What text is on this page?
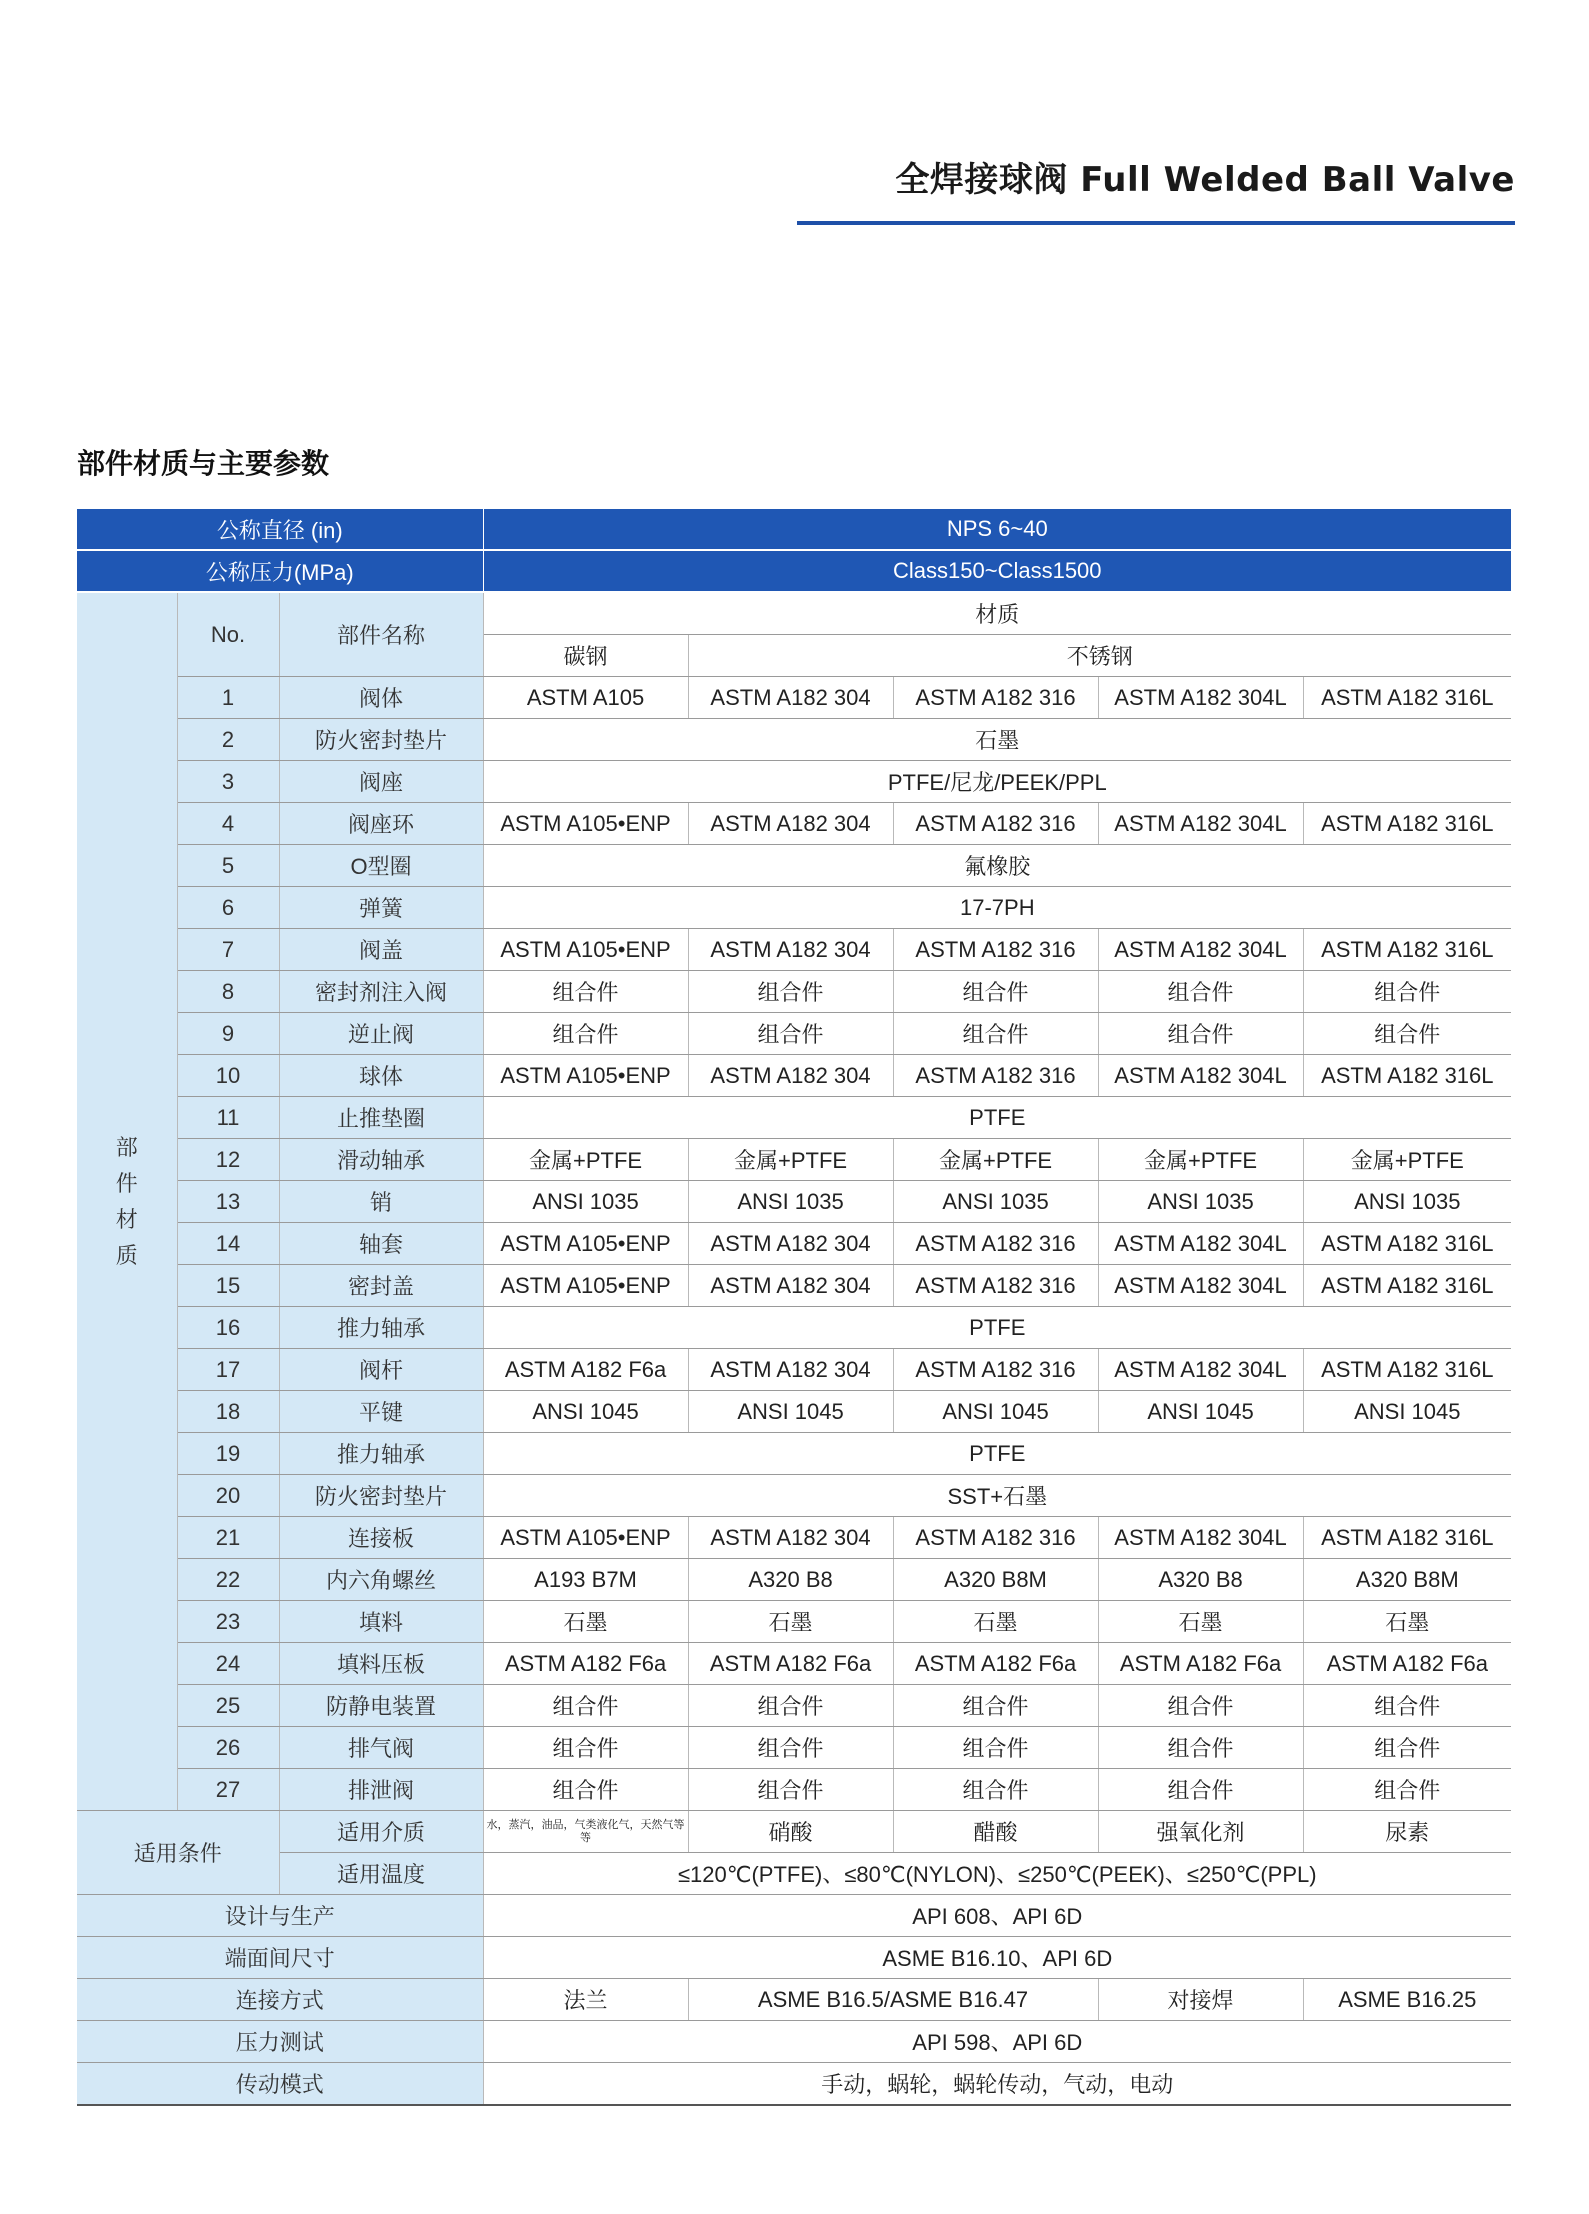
全焊接球阀 Full Welded Ball Valve
部件材质与主要参数
公称直径 (in)			NPS 6~40				
公称压力(MPa)			Class150~Class1500				
部
件
材
质	No.	部件名称	材质				
			碳钢	不锈钢			
	1	阀体	ASTM A105	ASTM A182 304	ASTM A182 316	ASTM A182 304L	ASTM A182 316L
	2	防火密封垫片	石墨				
	3	阀座	PTFE/尼龙/PEEK/PPL				
	4	阀座环	ASTM A105•ENP	ASTM A182 304	ASTM A182 316	ASTM A182 304L	ASTM A182 316L
	5	O型圈	氟橡胶				
	6	弹簧	17-7PH				
	7	阀盖	ASTM A105•ENP	ASTM A182 304	ASTM A182 316	ASTM A182 304L	ASTM A182 316L
	8	密封剂注入阀	组合件	组合件	组合件	组合件	组合件
	9	逆止阀	组合件	组合件	组合件	组合件	组合件
	10	球体	ASTM A105•ENP	ASTM A182 304	ASTM A182 316	ASTM A182 304L	ASTM A182 316L
	11	止推垫圈	PTFE				
	12	滑动轴承	金属+PTFE	金属+PTFE	金属+PTFE	金属+PTFE	金属+PTFE
	13	销	ANSI 1035	ANSI 1035	ANSI 1035	ANSI 1035	ANSI 1035
	14	轴套	ASTM A105•ENP	ASTM A182 304	ASTM A182 316	ASTM A182 304L	ASTM A182 316L
	15	密封盖	ASTM A105•ENP	ASTM A182 304	ASTM A182 316	ASTM A182 304L	ASTM A182 316L
	16	推力轴承	PTFE				
	17	阀杆	ASTM A182 F6a	ASTM A182 304	ASTM A182 316	ASTM A182 304L	ASTM A182 316L
	18	平键	ANSI 1045	ANSI 1045	ANSI 1045	ANSI 1045	ANSI 1045
	19	推力轴承	PTFE				
	20	防火密封垫片	SST+石墨				
	21	连接板	ASTM A105•ENP	ASTM A182 304	ASTM A182 316	ASTM A182 304L	ASTM A182 316L
	22	内六角螺丝	A193 B7M	A320 B8	A320 B8M	A320 B8	A320 B8M
	23	填料	石墨	石墨	石墨	石墨	石墨
	24	填料压板	ASTM A182 F6a	ASTM A182 F6a	ASTM A182 F6a	ASTM A182 F6a	ASTM A182 F6a
	25	防静电装置	组合件	组合件	组合件	组合件	组合件
	26	排气阀	组合件	组合件	组合件	组合件	组合件
	27	排泄阀	组合件	组合件	组合件	组合件	组合件
适用条件		适用介质	水，蒸汽，油品，气类液化气，天然气等等	硝酸	醋酸	强氧化剂	尿素
		适用温度	≤120℃(PTFE)、≤80℃(NYLON)、≤250℃(PEEK)、≤250℃(PPL)				
设计与生产			API 608、API 6D				
端面间尺寸			ASME B16.10、API 6D				
连接方式			法兰	ASME B16.5/ASME B16.47		对接焊	ASME B16.25
压力测试			API 598、API 6D				
传动模式			手动，蜗轮，蜗轮传动，气动，电动				
